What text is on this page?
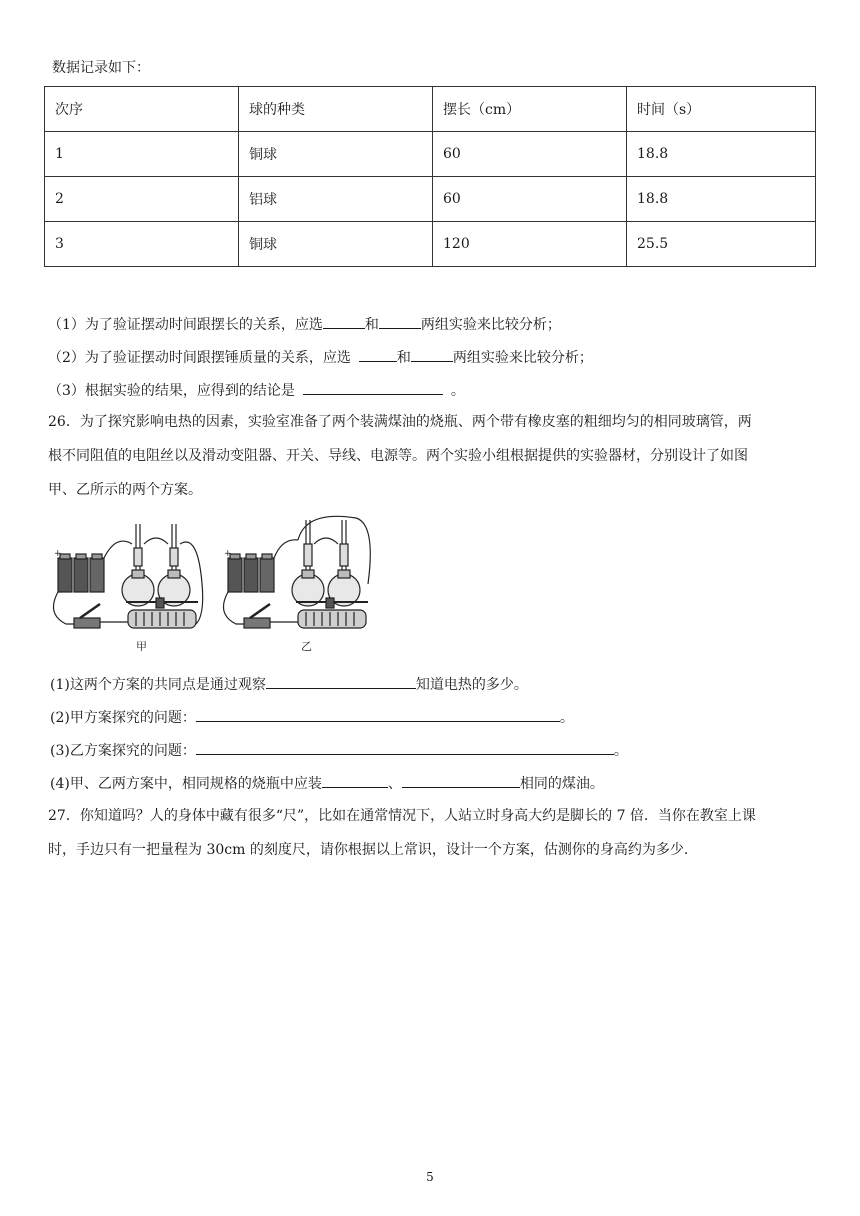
数据记录如下：
次序	球的种类	摆长（cm）	时间（s）
1	铜球	60	18.8
2	铝球	60	18.8
3	铜球	120	25.5
（1）为了验证摆动时间跟摆长的关系，应选	和	两组实验来比较分析；
（2）为了验证摆动时间跟摆锤质量的关系，应选	和	两组实验来比较分析；
（3）根据实验的结果，应得到的结论是	。
26．为了探究影响电热的因素，实验室准备了两个装满煤油的烧瓶、两个带有橡皮塞的粗细均匀的相同玻璃管，两
根不同阻值的电阻丝以及滑动变阻器、开关、导线、电源等。两个实验小组根据提供的实验器材，分别设计了如图
甲、乙所示的两个方案。
+	+
甲	乙
(1)这两个方案的共同点是通过观察	知道电热的多少。
(2)甲方案探究的问题：	。
(3)乙方案探究的问题：	。
(4)甲、乙两方案中，相同规格的烧瓶中应装	、	相同的煤油。
27．你知道吗？人的身体中藏有很多“尺”，比如在通常情况下，人站立时身高大约是脚长的 7 倍．当你在教室上课
时，手边只有一把量程为 30cm 的刻度尺，请你根据以上常识，设计一个方案，估测你的身高约为多少.
5
